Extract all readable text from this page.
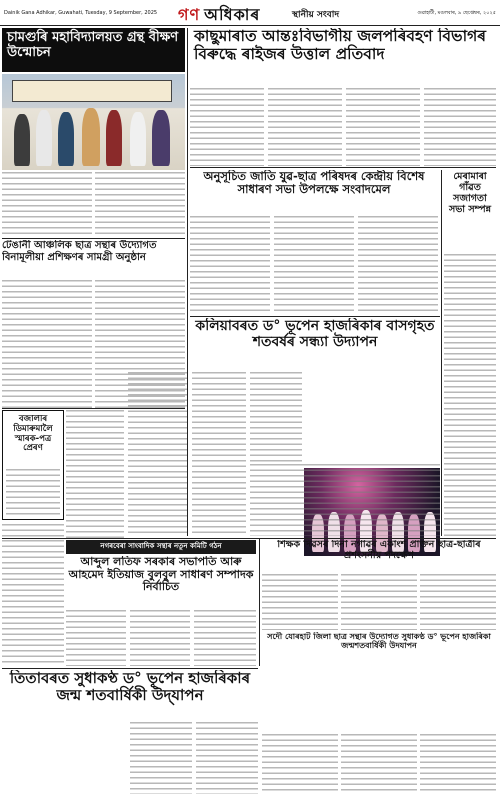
Dainik Gana Adhikar, Guwahati, Tuesday, 9 September, 2025 গণ অধিকাৰ	স্থানীয় সংবাদ	গুৱাহাটী, মঙলবাৰ, ৯ ছেপ্তেম্বৰ, ২০২৫
চামগুৰি মহাবিদ্যালয়ত গ্ৰন্থ বীক্ষণ উন্মোচন
টেঙানী আঞ্চলিক ছাত্ৰ সন্থাৰ উদ্যোগত বিনামূলীয়া প্ৰশিক্ষণৰ সামগ্ৰী অনুষ্ঠান
বজালীৰ ডিমাৰুমালৈ স্মাৰক-পত্ৰ প্ৰেৰণ
কাছুমাৰাত আন্তঃবিভাগীয় জলপৰিবহণ বিভাগৰ বিৰুদ্ধে ৰাইজৰ উত্তাল প্ৰতিবাদ
অনুসূচিত জাতি যুৱ-ছাত্ৰ পৰিষদৰ কেন্দ্ৰীয় বিশেষ সাধাৰণ সভা উপলক্ষে সংবাদমেল
মেৰামাৰা গাঁৱত সজাগতা সভা সম্পন্ন
কলিয়াবৰত ড° ভূপেন হাজৰিকাৰ বাসগৃহত শতবৰ্ষৰ সন্ধ্যা উদ্যাপন
নগৰবেৰা সাংবাদিক সন্থাৰ নতুন কমিটি গঠন
আব্দুল লতিফ সৰকাৰ সভাপতি আৰু আহমেদ ইতিয়াজ বুলবুল সাধাৰণ সম্পাদক নিৰ্বাচিত
শিক্ষক দিৱসৰ দিনা নগাঁৱৰ একাংশ প্ৰাক্তন ছাত্ৰ-ছাত্ৰীৰ প্ৰশংসনীয় পদক্ষেপ
সদৌ যোৰহাট জিলা ছাত্ৰ সন্থাৰ উদ্যোগত সুধাকণ্ঠ ড° ভূপেন হাজৰিকা জন্মশতবাৰ্ষিকী উদযাপন
তিতাবৰত সুধাকণ্ঠ ড° ভূপেন হাজৰিকাৰ জন্ম শতবাৰ্ষিকী উদ্‌যাপন
